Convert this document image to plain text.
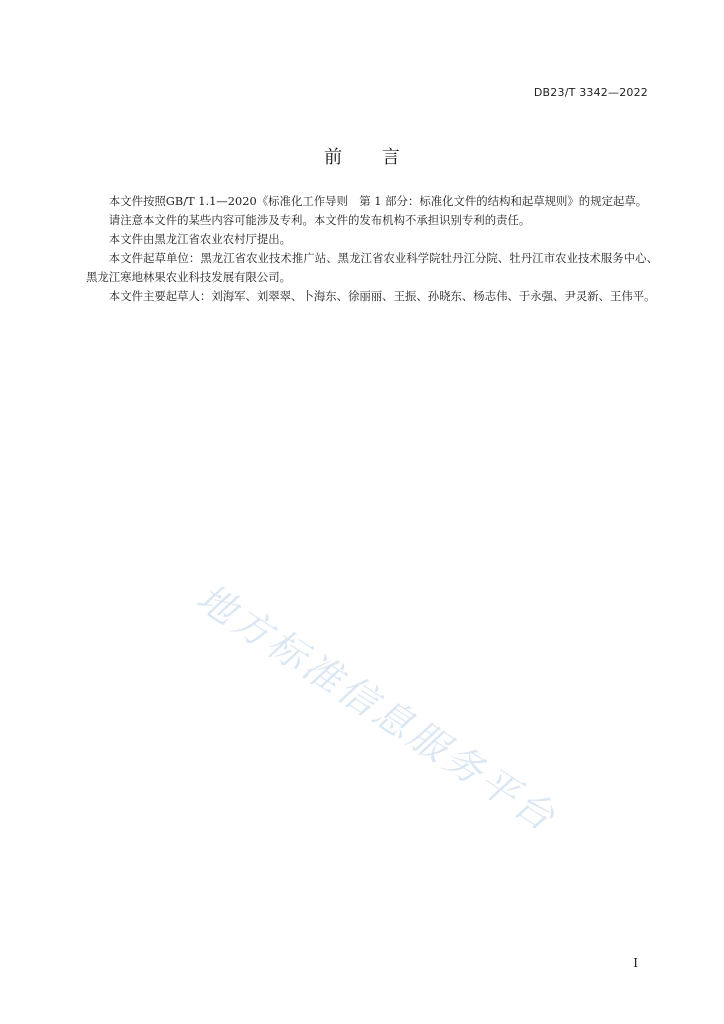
DB23/T 3342—2022
前 言

本文件按照GB/T 1.1—2020《标准化工作导则　第 1 部分：标准化文件的结构和起草规则》的规定起草。

请注意本文件的某些内容可能涉及专利。本文件的发布机构不承担识别专利的责任。

本文件由黑龙江省农业农村厅提出。

本文件起草单位：黑龙江省农业技术推广站、黑龙江省农业科学院牡丹江分院、牡丹江市农业技术服务中心、黑龙江寒地林果农业科技发展有限公司。

本文件主要起草人：刘海军、刘翠翠、卜海东、徐丽丽、王振、孙晓东、杨志伟、于永强、尹灵新、王伟平。

地方标准信息服务平台
I
